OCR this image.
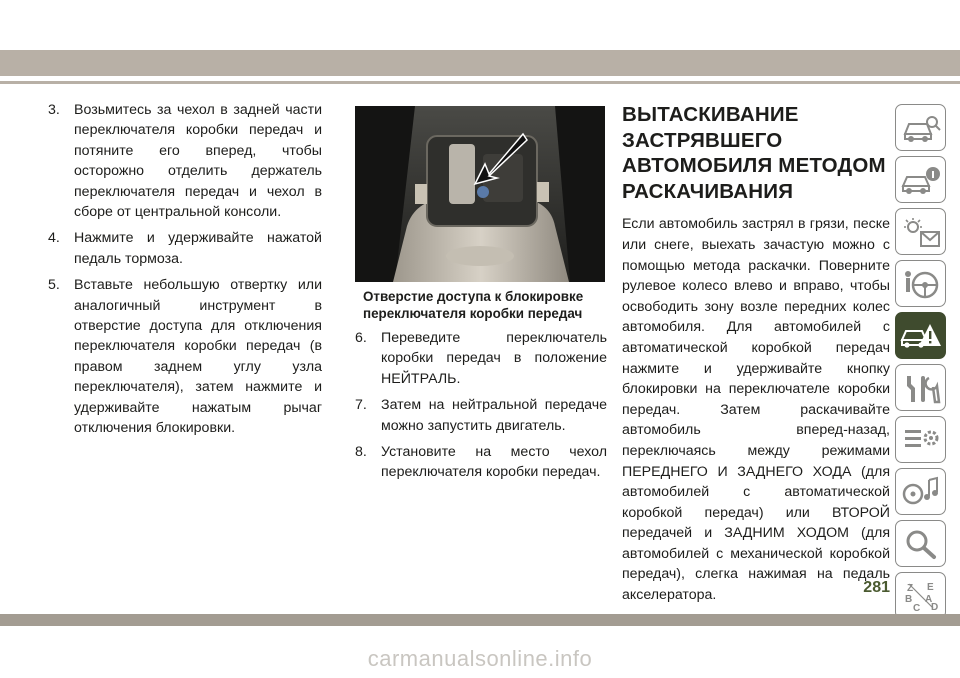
3. Возьмитесь за чехол в задней части переключателя коробки передач и потяните его вперед, чтобы осторожно отделить держатель переключателя передач и чехол в сборе от центральной консоли.
4. Нажмите и удерживайте нажатой педаль тормоза.
5. Вставьте небольшую отвертку или аналогичный инструмент в отверстие доступа для отключения переключателя коробки передач (в правом заднем углу узла переключателя), затем нажмите и удерживайте нажатым рычаг отключения блокировки.
Отверстие доступа к блокировке переключателя коробки передач
6. Переведите переключатель коробки передач в положение НЕЙТРАЛЬ.
7. Затем на нейтральной передаче можно запустить двигатель.
8. Установите на место чехол переключателя коробки передач.
ВЫТАСКИВАНИЕ ЗАСТРЯВШЕГО АВТОМОБИЛЯ МЕТОДОМ РАСКАЧИВАНИЯ

Если автомобиль застрял в грязи, песке или снеге, выехать зачастую можно с помощью метода раскачки. Поверните рулевое колесо влево и вправо, чтобы освободить зону возле передних колес автомобиля. Для автомобилей с автоматической коробкой передач нажмите и удерживайте кнопку блокировки на переключателе коробки передач. Затем раскачивайте автомобиль вперед-назад, переключаясь между режимами ПЕРЕДНЕГО И ЗАДНЕГО ХОДА (для автомобилей с автоматической коробкой передач) или ВТОРОЙ передачей и ЗАДНИМ ХОДОМ (для автомобилей с механической коробкой передач), слегка нажимая на педаль акселератора.	Z E
B A
C D
281
carmanualsonline.info
